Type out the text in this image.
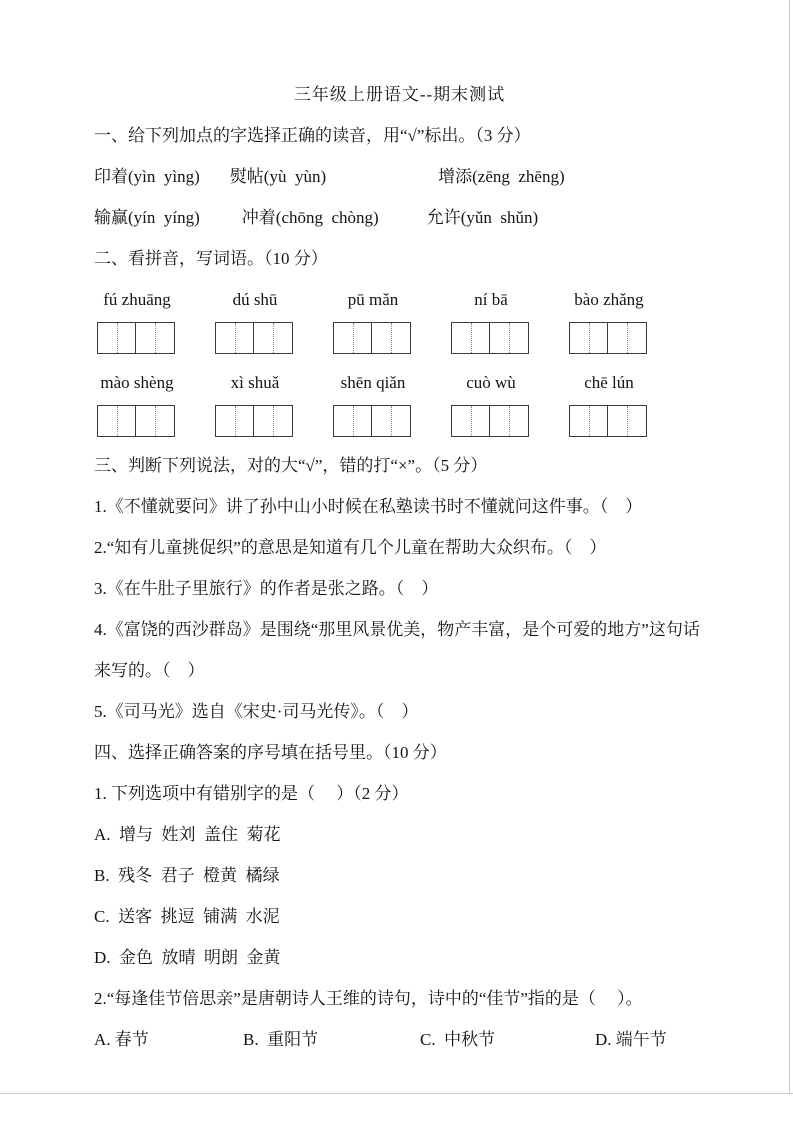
三年级上册语文--期末测试
一、给下列加点的字选择正确的读音，用“√”标出。（3 分）
印着(yìn  yìng) 熨帖(yù  yùn)	增添(zēng  zhēng)
输赢(yín  yíng) 冲着(chōng  chòng)	允许(yǔn  shǔn)
二、看拼音，写词语。（10 分）
fú zhuāng	dú shū	pū mǎn	ní bā	bào zhǎng
mào shèng	xì shuǎ	shēn qiǎn	cuò wù	chē lún
三、判断下列说法，对的大“√”，错的打“×”。（5 分）
1.《不懂就要问》讲了孙中山小时候在私塾读书时不懂就问这件事。（    ）
2.“知有儿童挑促织”的意思是知道有几个儿童在帮助大众织布。（    ）
3.《在牛肚子里旅行》的作者是张之路。（    ）
4.《富饶的西沙群岛》是围绕“那里风景优美，物产丰富，是个可爱的地方”这句话来写的。（    ）
5.《司马光》选自《宋史·司马光传》。（    ）
四、选择正确答案的序号填在括号里。（10 分）
1. 下列选项中有错别字的是（     ）（2 分）
A.  增与  姓刘  盖住  菊花
B.  残冬  君子  橙黄  橘绿
C.  送客  挑逗  铺满  水泥
D.  金色  放晴  明朗  金黄
2.“每逢佳节倍思亲”是唐朝诗人王维的诗句，诗中的“佳节”指的是（     ）。
A. 春节	B.  重阳节	C.  中秋节	D. 端午节
